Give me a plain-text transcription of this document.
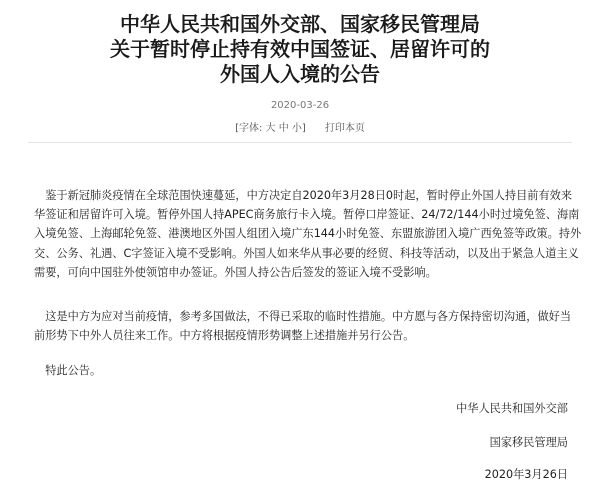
中华人民共和国外交部、国家移民管理局
关于暂时停止持有效中国签证、居留许可的
外国人入境的公告
2020-03-26
[字体: 大 中 小] 打印本页

 鉴于新冠肺炎疫情在全球范围快速蔓延，中方决定自2020年3月28日0时起，暂时停止外国人持目前有效来华签证和居留许可入境。暂停外国人持APEC商务旅行卡入境。暂停口岸签证、24/72/144小时过境免签、海南入境免签、上海邮轮免签、港澳地区外国人组团入境广东144小时免签、东盟旅游团入境广西免签等政策。持外交、公务、礼遇、C字签证入境不受影响。外国人如来华从事必要的经贸、科技等活动，以及出于紧急人道主义需要，可向中国驻外使领馆申办签证。外国人持公告后签发的签证入境不受影响。

 这是中方为应对当前疫情，参考多国做法，不得已采取的临时性措施。中方愿与各方保持密切沟通，做好当前形势下中外人员往来工作。中方将根据疫情形势调整上述措施并另行公告。

 特此公告。

中华人民共和国外交部
国家移民管理局
2020年3月26日
